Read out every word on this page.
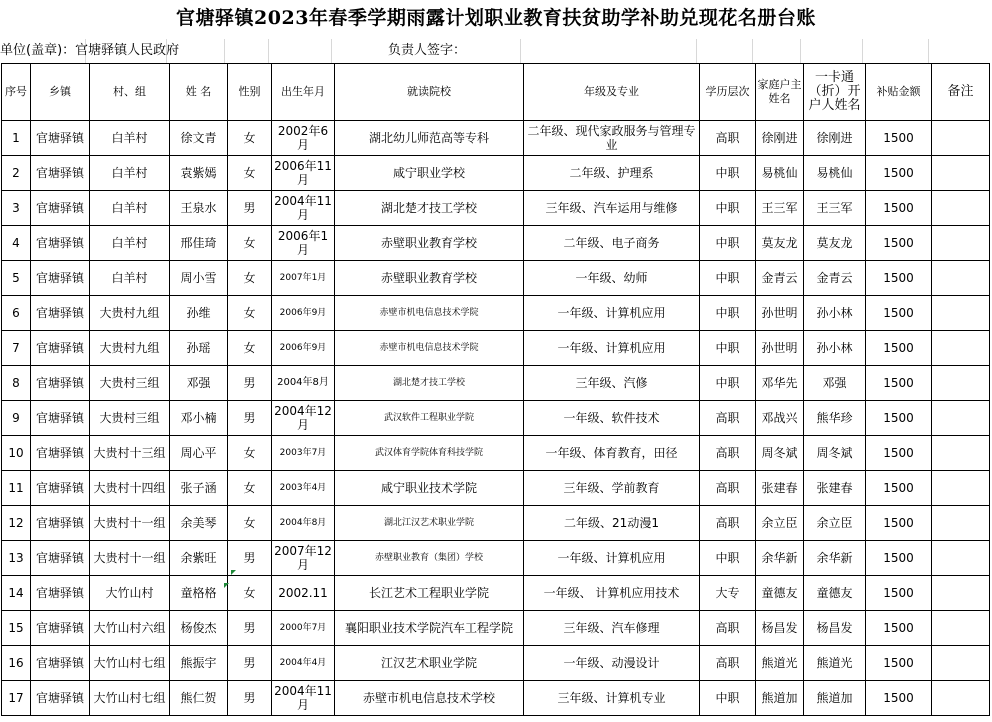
官塘驿镇2023年春季学期雨露计划职业教育扶贫助学补助兑现花名册台账
单位(盖章)：官塘驿镇人民政府	负责人签字：
序号	乡镇	村、组	姓 名	性别	出生年月	就读院校	年级及专业	学历层次	家庭户主姓名	一卡通（折）开户人姓名	补贴金额	备注
1	官塘驿镇	白羊村	徐文青	女	2002年6月	湖北幼儿师范高等专科	二年级、现代家政服务与管理专业	高职	徐刚进	徐刚进	1500	
2	官塘驿镇	白羊村	袁紫嫣	女	2006年11月	咸宁职业学校	二年级、护理系	中职	易桃仙	易桃仙	1500	
3	官塘驿镇	白羊村	王泉水	男	2004年11月	湖北楚才技工学校	三年级、汽车运用与维修	中职	王三军	王三军	1500	
4	官塘驿镇	白羊村	邢佳琦	女	2006年1月	赤壁职业教育学校	二年级、电子商务	中职	莫友龙	莫友龙	1500	
5	官塘驿镇	白羊村	周小雪	女	2007年1月	赤壁职业教育学校	一年级、幼师	中职	金青云	金青云	1500	
6	官塘驿镇	大贵村九组	孙维	女	2006年9月	赤壁市机电信息技术学院	一年级、计算机应用	中职	孙世明	孙小林	1500	
7	官塘驿镇	大贵村九组	孙瑶	女	2006年9月	赤壁市机电信息技术学院	一年级、计算机应用	中职	孙世明	孙小林	1500	
8	官塘驿镇	大贵村三组	邓强	男	2004年8月	湖北楚才技工学校	三年级、汽修	中职	邓华先	邓强	1500	
9	官塘驿镇	大贵村三组	邓小楠	男	2004年12月	武汉软件工程职业学院	一年级、软件技术	高职	邓战兴	熊华珍	1500	
10	官塘驿镇	大贵村十三组	周心平	女	2003年7月	武汉体育学院体育科技学院	一年级、体育教育，田径	高职	周冬斌	周冬斌	1500	
11	官塘驿镇	大贵村十四组	张子涵	女	2003年4月	咸宁职业技术学院	三年级、学前教育	高职	张建春	张建春	1500	
12	官塘驿镇	大贵村十一组	余美琴	女	2004年8月	湖北江汉艺术职业学院	二年级、21动漫1	高职	余立臣	余立臣	1500	
13	官塘驿镇	大贵村十一组	余紫旺	男	2007年12月	赤壁职业教育（集团）学校	一年级、计算机应用	中职	余华新	余华新	1500	
14	官塘驿镇	大竹山村	童格格	女	2002.11	长江艺术工程职业学院	一年级、 计算机应用技术	大专	童德友	童德友	1500	
15	官塘驿镇	大竹山村六组	杨俊杰	男	2000年7月	襄阳职业技术学院汽车工程学院	三年级、汽车修理	高职	杨昌发	杨昌发	1500	
16	官塘驿镇	大竹山村七组	熊振宇	男	2004年4月	江汉艺术职业学院	一年级、动漫设计	高职	熊道光	熊道光	1500	
17	官塘驿镇	大竹山村七组	熊仁贺	男	2004年11月	赤壁市机电信息技术学校	三年级、计算机专业	中职	熊道加	熊道加	1500	
